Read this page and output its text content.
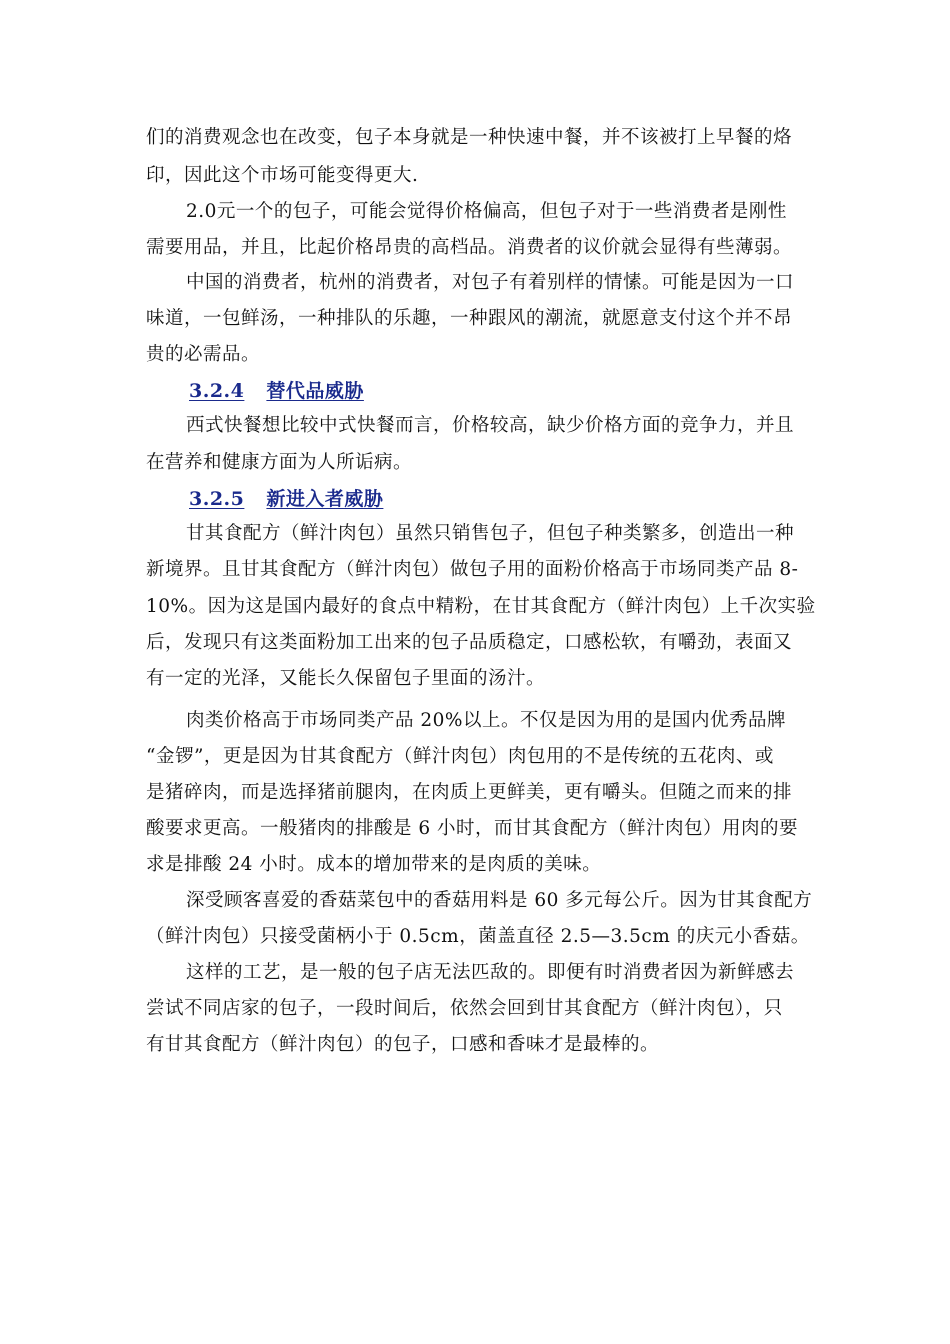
们的消费观念也在改变，包子本身就是一种快速中餐，并不该被打上早餐的烙
印，因此这个市场可能变得更大.
2.0元一个的包子，可能会觉得价格偏高，但包子对于一些消费者是刚性
需要用品，并且，比起价格昂贵的高档品。消费者的议价就会显得有些薄弱。
中国的消费者，杭州的消费者，对包子有着别样的情愫。可能是因为一口
味道，一包鲜汤，一种排队的乐趣，一种跟风的潮流，就愿意支付这个并不昂
贵的必需品。
3.2.4 替代品威胁
西式快餐想比较中式快餐而言，价格较高，缺少价格方面的竞争力，并且
在营养和健康方面为人所诟病。
3.2.5 新进入者威胁
甘其食配方（鲜汁肉包）虽然只销售包子，但包子种类繁多，创造出一种
新境界。且甘其食配方（鲜汁肉包）做包子用的面粉价格高于市场同类产品 8-
10%。因为这是国内最好的食点中精粉，在甘其食配方（鲜汁肉包）上千次实验
后，发现只有这类面粉加工出来的包子品质稳定，口感松软，有嚼劲，表面又
有一定的光泽，又能长久保留包子里面的汤汁。
肉类价格高于市场同类产品 20%以上。不仅是因为用的是国内优秀品牌
“金锣”，更是因为甘其食配方（鲜汁肉包）肉包用的不是传统的五花肉、或
是猪碎肉，而是选择猪前腿肉，在肉质上更鲜美，更有嚼头。但随之而来的排
酸要求更高。一般猪肉的排酸是 6 小时，而甘其食配方（鲜汁肉包）用肉的要
求是排酸 24 小时。成本的增加带来的是肉质的美味。
深受顾客喜爱的香菇菜包中的香菇用料是 60 多元每公斤。因为甘其食配方
（鲜汁肉包）只接受菌柄小于 0.5cm，菌盖直径 2.5—3.5cm 的庆元小香菇。
这样的工艺，是一般的包子店无法匹敌的。即便有时消费者因为新鲜感去
尝试不同店家的包子，一段时间后，依然会回到甘其食配方（鲜汁肉包），只
有甘其食配方（鲜汁肉包）的包子，口感和香味才是最棒的。
